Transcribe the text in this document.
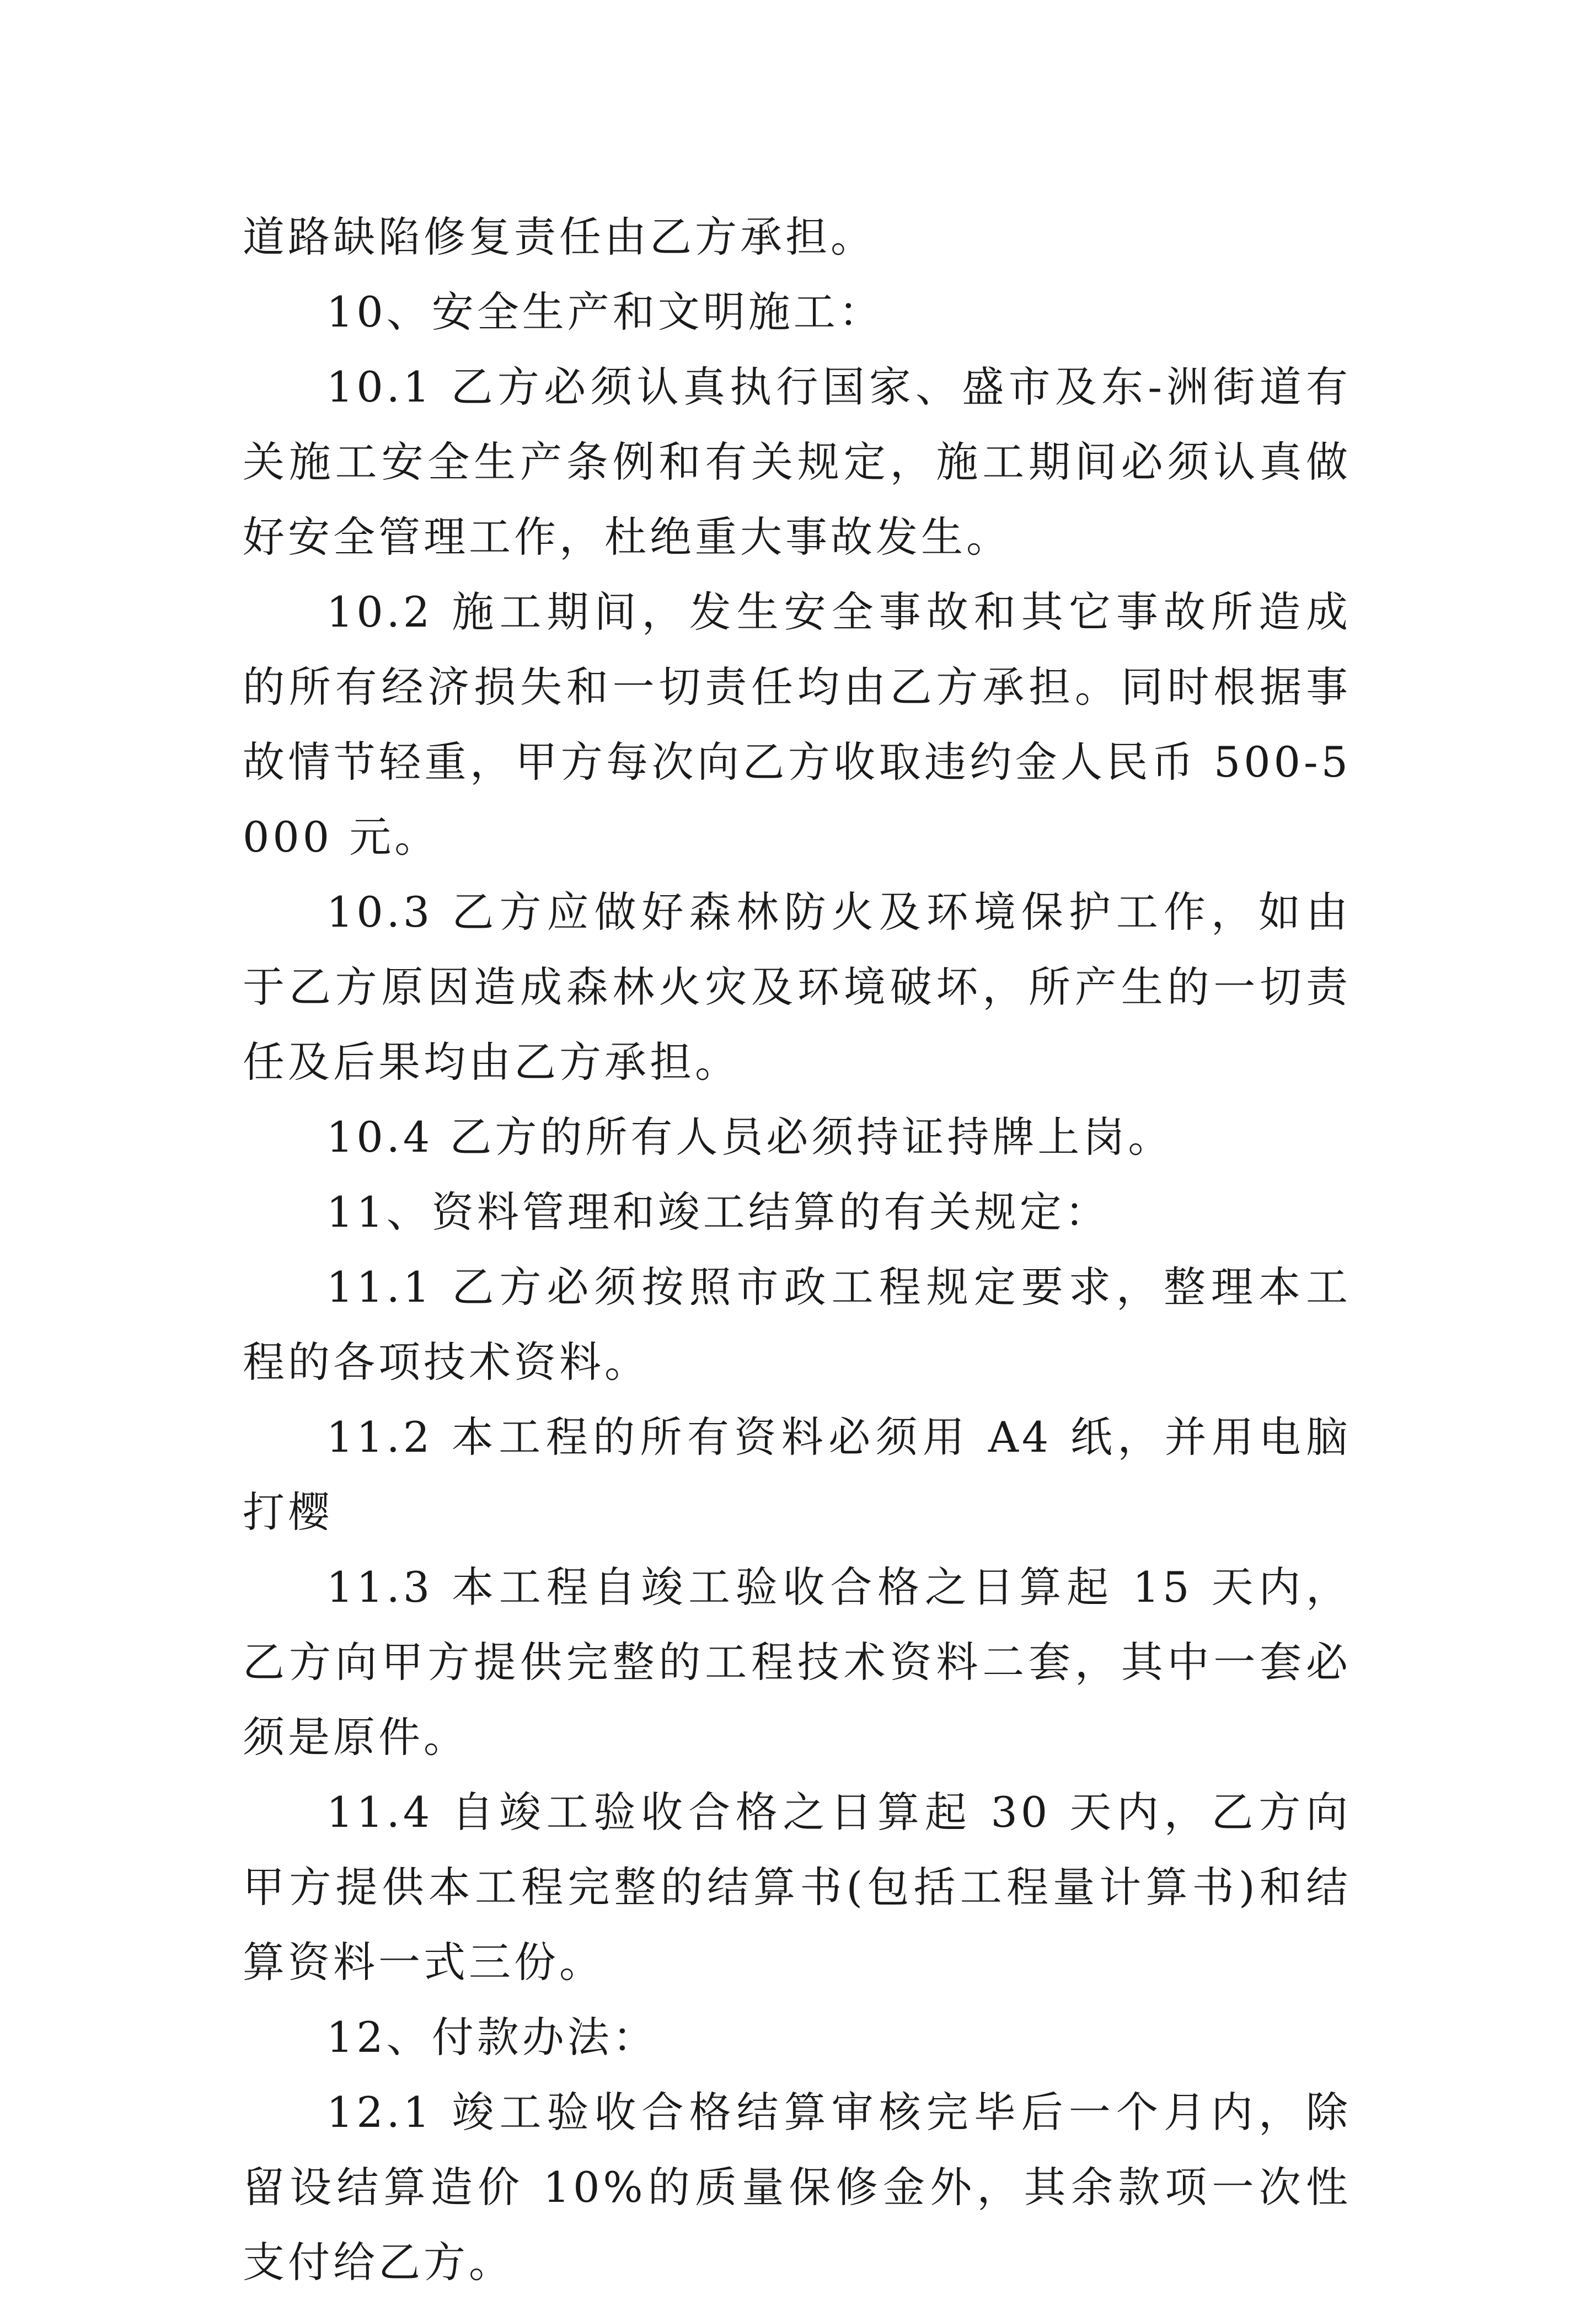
道路缺陷修复责任由乙方承担。

10、安全生产和文明施工：

10.1 乙方必须认真执行国家、盛市及东-洲街道有关施工安全生产条例和有关规定，施工期间必须认真做好安全管理工作，杜绝重大事故发生。

10.2 施工期间，发生安全事故和其它事故所造成的所有经济损失和一切责任均由乙方承担。同时根据事故情节轻重，甲方每次向乙方收取违约金人民币 500-5000 元。

10.3 乙方应做好森林防火及环境保护工作，如由于乙方原因造成森林火灾及环境破坏，所产生的一切责任及后果均由乙方承担。

10.4 乙方的所有人员必须持证持牌上岗。

11、资料管理和竣工结算的有关规定：

11.1 乙方必须按照市政工程规定要求，整理本工程的各项技术资料。

11.2 本工程的所有资料必须用 A4 纸，并用电脑打樱

11.3 本工程自竣工验收合格之日算起 15 天内，乙方向甲方提供完整的工程技术资料二套，其中一套必须是原件。

11.4 自竣工验收合格之日算起 30 天内，乙方向甲方提供本工程完整的结算书(包括工程量计算书)和结算资料一式三份。

12、付款办法：

12.1 竣工验收合格结算审核完毕后一个月内，除留设结算造价 10%的质量保修金外，其余款项一次性支付给乙方。
